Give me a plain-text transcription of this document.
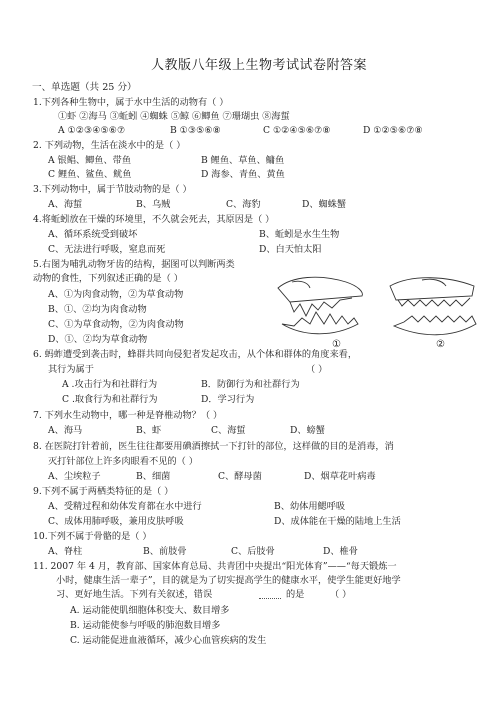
人教版八年级上生物考试试卷附答案
一、单选题（共 25 分）
1.下列各种生物中，属于水中生活的动物有（ ）
①虾 ②海马 ③蚯蚓 ④蜘蛛 ⑤鲸 ⑥鲫鱼 ⑦珊瑚虫 ⑧海蜇
A ①②③④⑤⑥⑦	B ①③⑤⑥⑧	C ①②④⑤⑥⑦⑧	D ①②⑤⑥⑦⑧
2. 下列动物，生活在淡水中的是（ ）
A 银鲳、鲫鱼、带鱼	B 鲤鱼、草鱼、鳙鱼
C 鲤鱼、鲨鱼、鱿鱼	D 海参、青鱼、黄鱼
3.下列动物中，属于节肢动物的是（ ）
A、海蜇	B、乌贼	C、海豹	D、蜘蛛蟹
4.将蚯蚓放在干燥的环境里，不久就会死去，其原因是（ ）
A、循环系统受到破坏	B、蚯蚓是水生生物
C、无法进行呼吸，窒息而死	D、白天怕太阳
5.右图为哺乳动物牙齿的结构，据图可以判断两类
动物的食性，下列叙述正确的是（ ）
A、①为肉食动物，②为草食动物
B、①、②均为肉食动物
C、①为草食动物，②为肉食动物
D、①、②均为草食动物	①	②
6. 蚂蚱遭受到袭击时，蜂群共同向侵犯者发起攻击，从个体和群体的角度来看，
其行为属于	（ ）
A .攻击行为和社群行为	B．防御行为和社群行为
C .取食行为和社群行为	D．学习行为
7. 下列水生动物中，哪一种是脊椎动物？（ ）
A、海马	B、虾	C、海蜇	D、螃蟹
8. 在医院打针着前，医生往往都要用碘酒擦拭一下打针的部位，这样做的目的是消毒，消
灭打针部位上许多肉眼看不见的（ ）
A、尘埃粒子	B、细菌	C、酵母菌	D、烟草花叶病毒
9.下列不属于两栖类特征的是（ ）
A、受精过程和幼体发育都在水中进行	B、幼体用鳃呼吸
C、成体用肺呼吸，兼用皮肤呼吸	D、成体能在干燥的陆地上生活
10.下列不属于骨骼的是（ ）
A、脊柱	B、前肢骨	C、后肢骨	D、椎骨
11. 2007 年 4 月，教育部、国家体育总局、共青团中央提出“阳光体育”——“每天锻炼一
小时，健康生活一辈子”，目的就是为了切实提高学生的健康水平，使学生能更好地学
习、更好地生活。下列有关叙述，错误	的是	（ ）
A. 运动能使肌细胞体积变大、数目增多
B. 运动能使参与呼吸的肺泡数目增多
C. 运动能促进血液循环，减少心血管疾病的发生
